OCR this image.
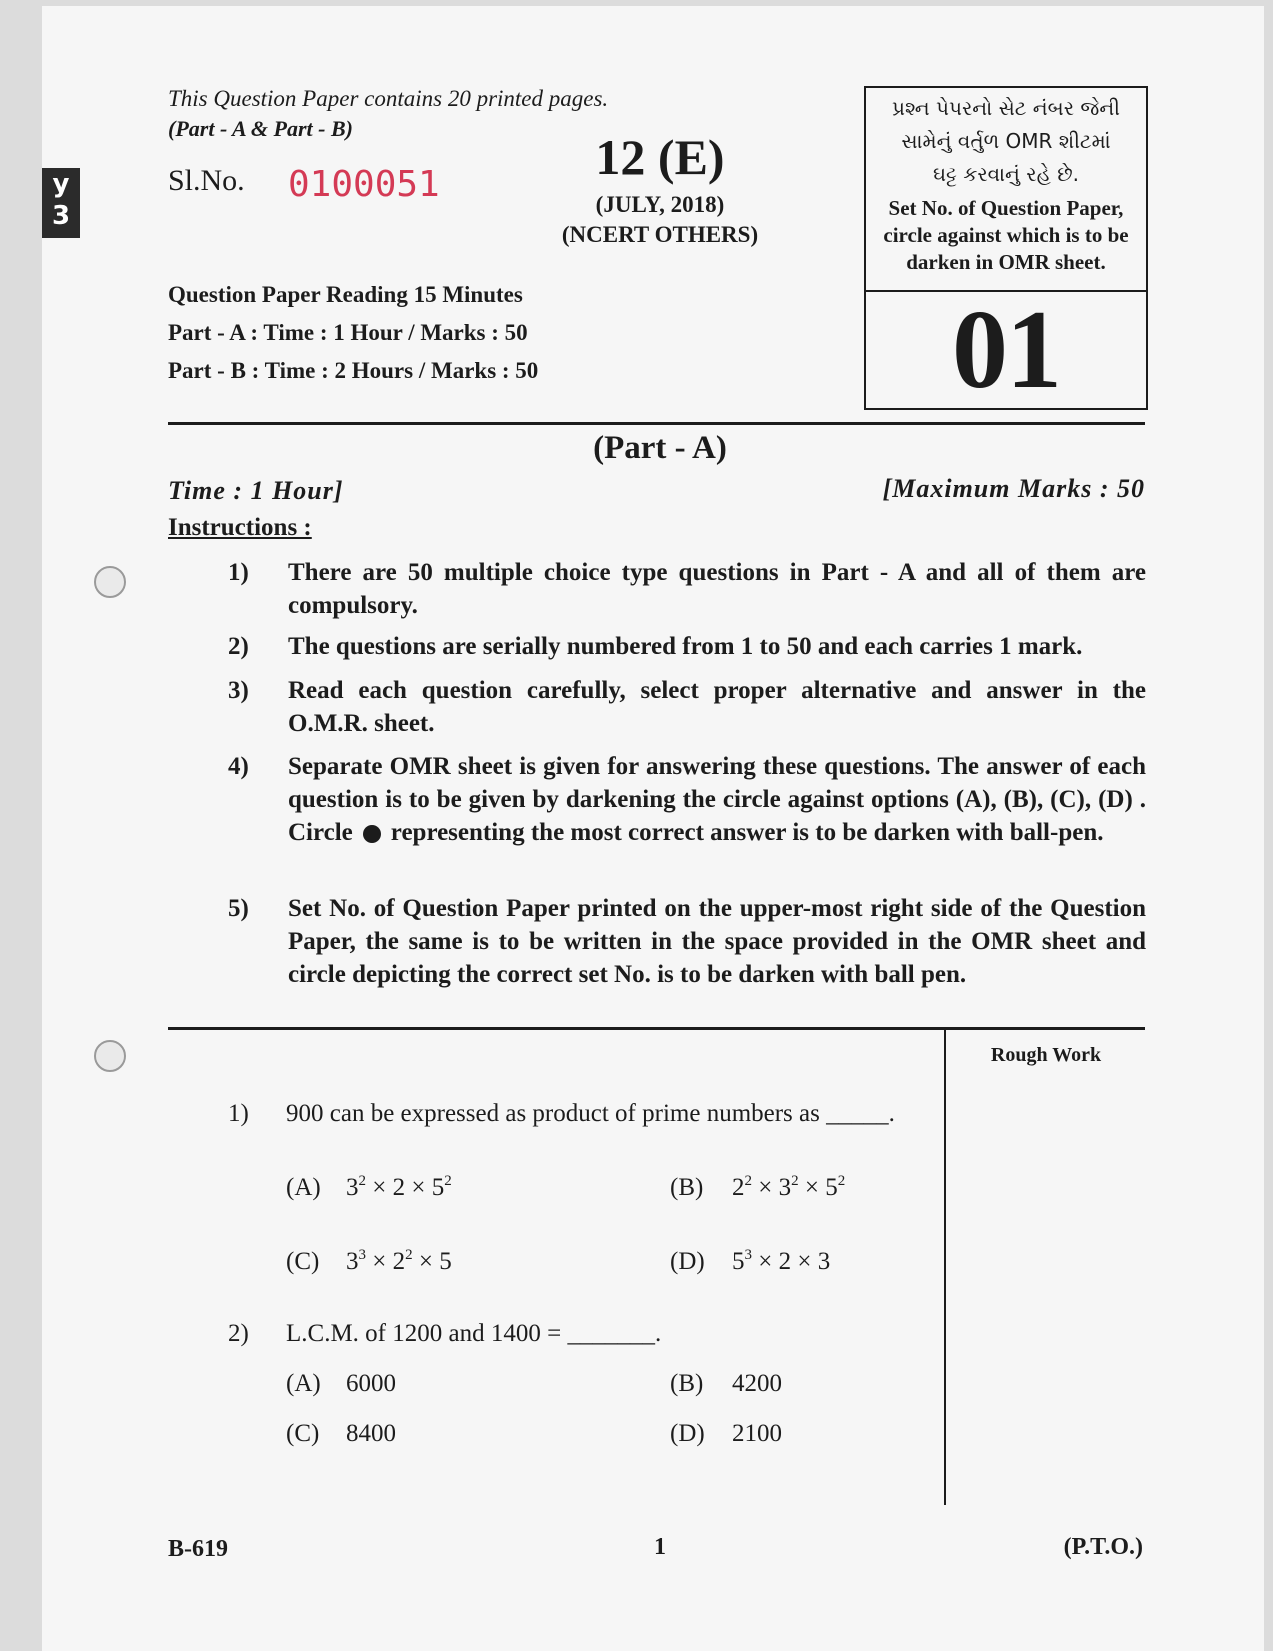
y
3
This Question Paper contains 20 printed pages.
(Part - A & Part - B)
Sl.No. 0100051	12 (E)
(JULY, 2018)
(NCERT OTHERS)
Question Paper Reading 15 Minutes
Part - A : Time : 1 Hour / Marks : 50
Part - B : Time : 2 Hours / Marks : 50
પ્રશ્ન પેપરનો સેટ નંબર જેની
સામેનું વર્તુળ OMR શીટમાં
ઘટ્ટ કરવાનું રહે છે.
Set No. of Question Paper,
circle against which is to be
darken in OMR sheet.
01
(Part - A)
Time : 1 Hour]	[Maximum Marks : 50
Instructions :
1) There are 50 multiple choice type questions in Part - A and all of them are compulsory.
2) The questions are serially numbered from 1 to 50 and each carries 1 mark.
3) Read each question carefully, select proper alternative and answer in the O.M.R. sheet.
4) Separate OMR sheet is given for answering these questions. The answer of each question is to be given by darkening the circle against options (A), (B), (C), (D) . Circle representing the most correct answer is to be darken with ball-pen.
5) Set No. of Question Paper printed on the upper-most right side of the Question Paper, the same is to be written in the space provided in the OMR sheet and circle depicting the correct set No. is to be darken with ball pen.
Rough Work
1) 900 can be expressed as product of prime numbers as _____.
(A) $3^2 \times 2 \times 5^2$	(B) $2^2 \times 3^2 \times 5^2$
(C) $3^3 \times 2^2 \times 5$	(D) $5^3 \times 2 \times 3$
2) L.C.M. of 1200 and 1400 = _______.
(A) 6000	(B) 4200
(C) 8400	(D) 2100
B-619	1	(P.T.O.)
